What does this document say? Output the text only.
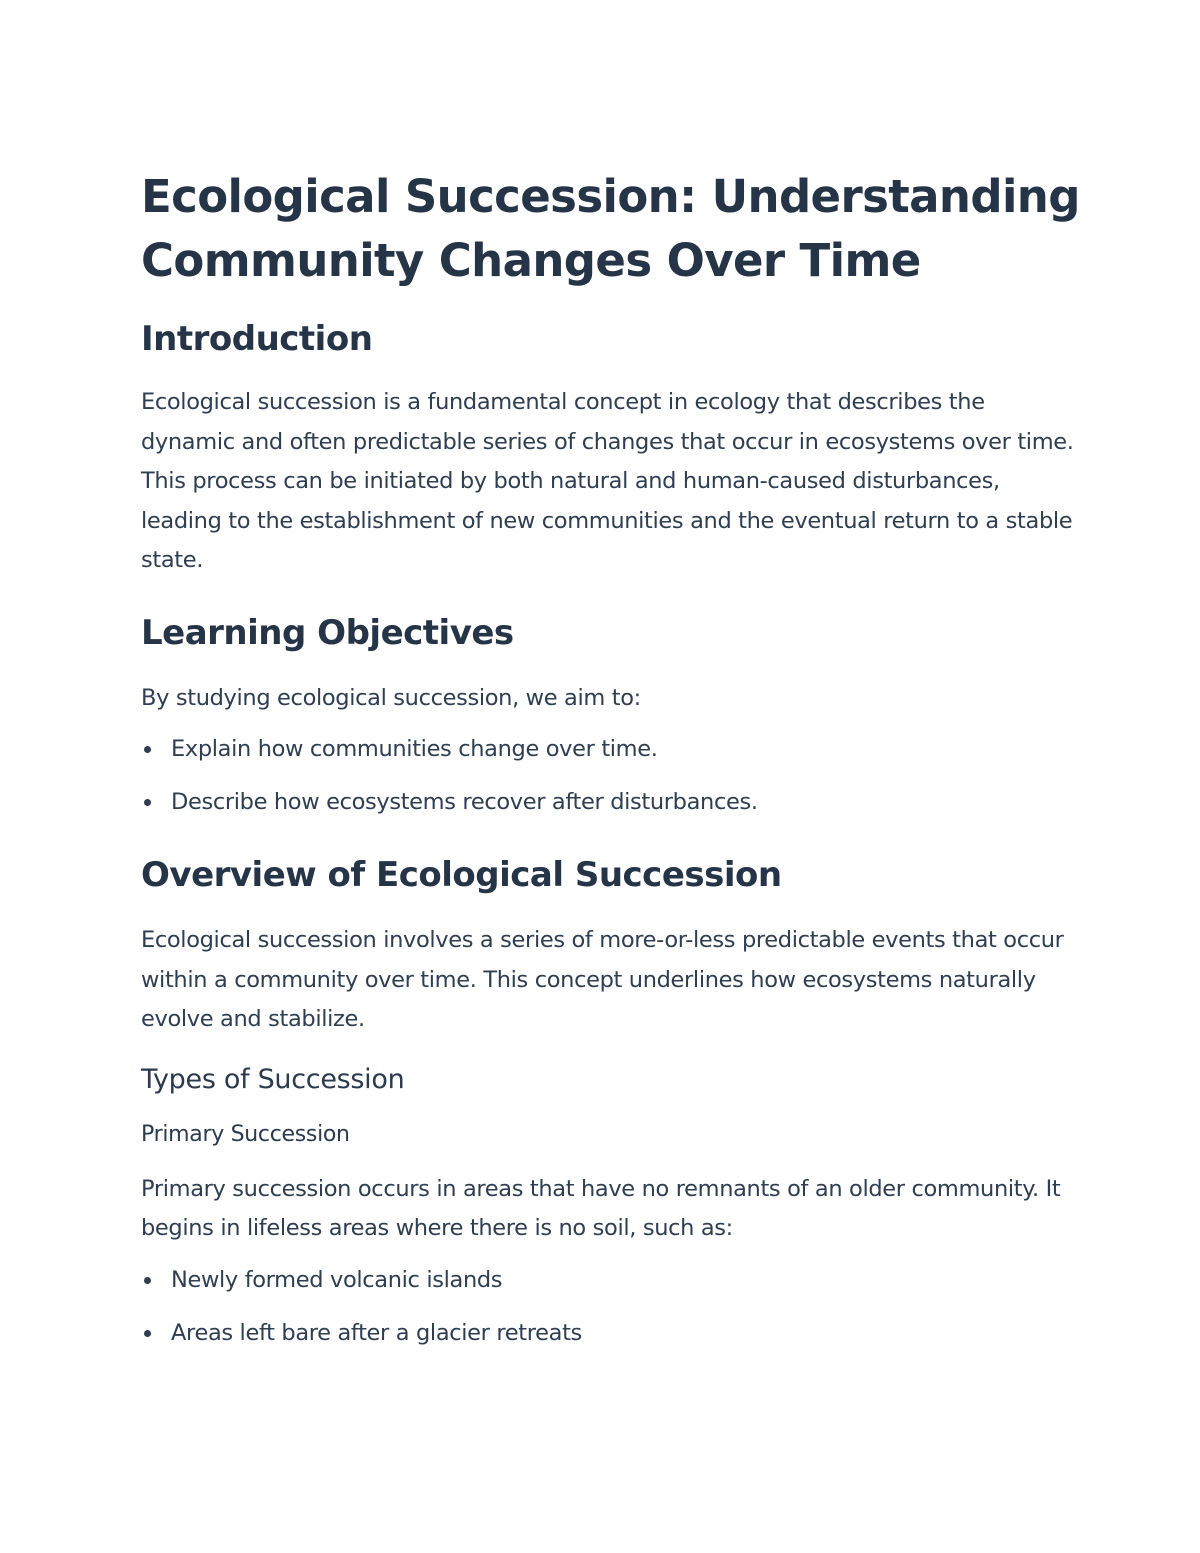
Ecological Succession: Understanding Community Changes Over Time
Introduction

Ecological succession is a fundamental concept in ecology that describes the dynamic and often predictable series of changes that occur in ecosystems over time. This process can be initiated by both natural and human-caused disturbances, leading to the establishment of new communities and the eventual return to a stable state.

Learning Objectives

By studying ecological succession, we aim to:

Explain how communities change over time.
Describe how ecosystems recover after disturbances.
Overview of Ecological Succession

Ecological succession involves a series of more-or-less predictable events that occur within a community over time. This concept underlines how ecosystems naturally evolve and stabilize.

Types of Succession
Primary Succession

Primary succession occurs in areas that have no remnants of an older community. It begins in lifeless areas where there is no soil, such as:

Newly formed volcanic islands
Areas left bare after a glacier retreats
